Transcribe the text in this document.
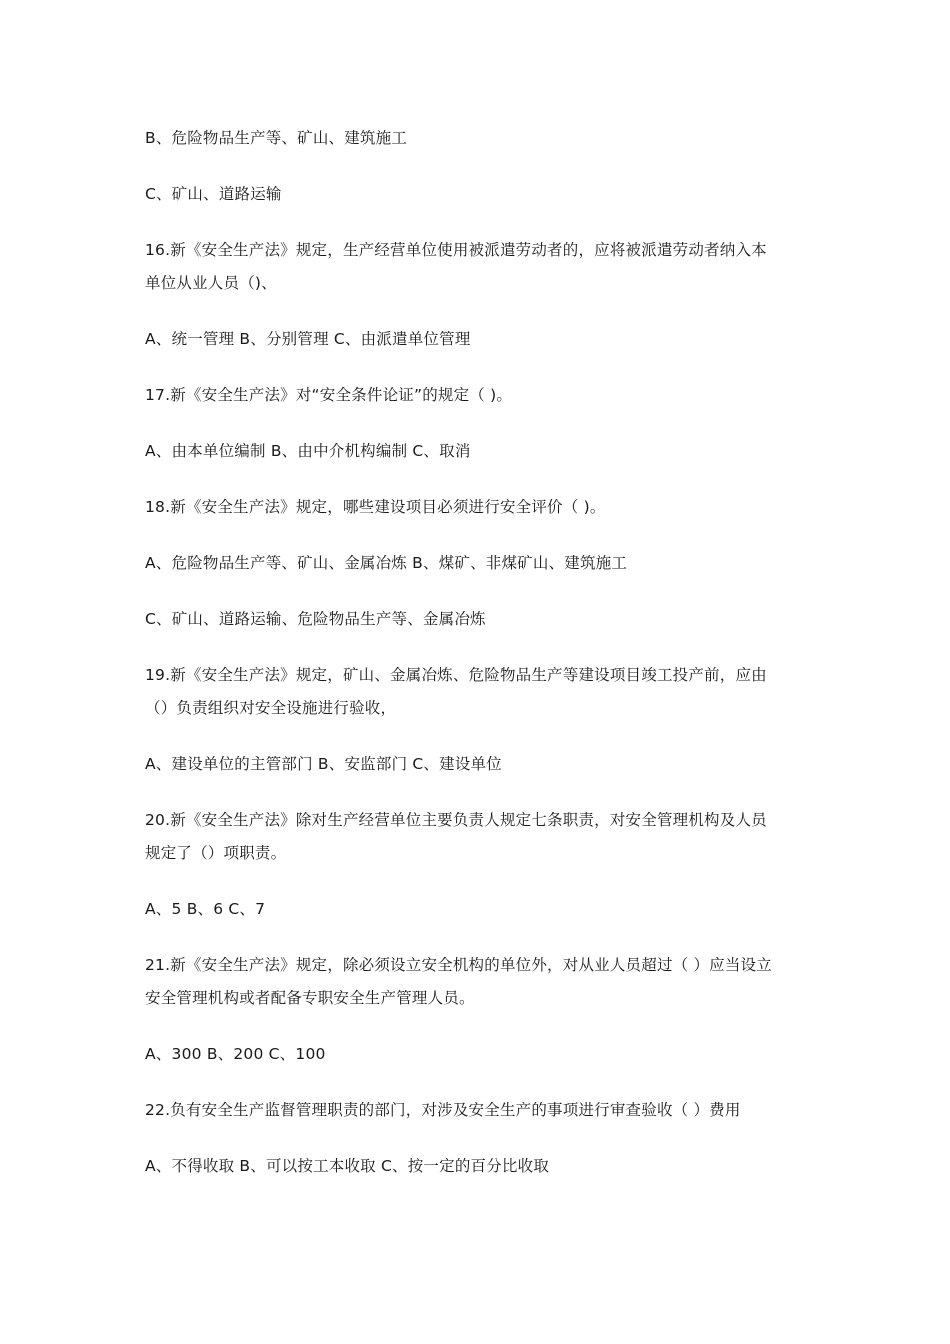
B、危险物品生产等、矿山、建筑施工
C、矿山、道路运输
16.新《安全生产法》规定，生产经营单位使用被派遣劳动者的，应将被派遣劳动者纳入本
单位从业人员（)、
A、统一管理 B、分别管理 C、由派遣单位管理
17.新《安全生产法》对“安全条件论证”的规定（ )。
A、由本单位编制 B、由中介机构编制 C、取消
18.新《安全生产法》规定，哪些建设项目必须进行安全评价（ )。
A、危险物品生产等、矿山、金属冶炼 B、煤矿、非煤矿山、建筑施工
C、矿山、道路运输、危险物品生产等、金属冶炼
19.新《安全生产法》规定，矿山、金属冶炼、危险物品生产等建设项目竣工投产前，应由
（）负责组织对安全设施进行验收，
A、建设单位的主管部门 B、安监部门 C、建设单位
20.新《安全生产法》除对生产经营单位主要负责人规定七条职责，对安全管理机构及人员
规定了（）项职责。
A、5 B、6 C、7
21.新《安全生产法》规定，除必须设立安全机构的单位外，对从业人员超过（ ）应当设立
安全管理机构或者配备专职安全生产管理人员。
A、300 B、200 C、100
22.负有安全生产监督管理职责的部门，对涉及安全生产的事项进行审查验收（ ）费用
A、不得收取 B、可以按工本收取 C、按一定的百分比收取
